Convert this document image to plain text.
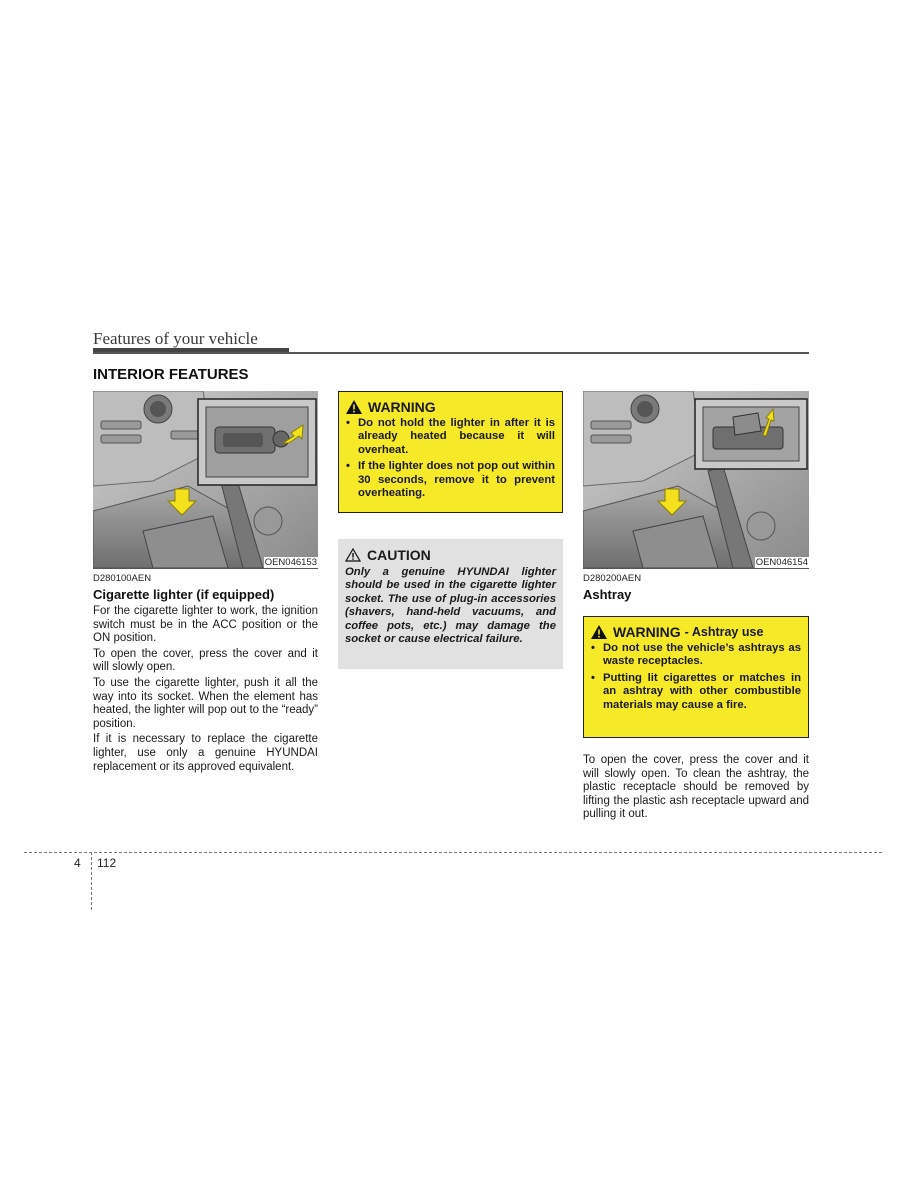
Features of your vehicle
INTERIOR FEATURES
OEN046153
D280100AEN
Cigarette lighter (if equipped)

For the cigarette lighter to work, the ignition switch must be in the ACC position or the ON position.

To open the cover, press the cover and it will slowly open.

To use the cigarette lighter, push it all the way into its socket. When the element has heated, the lighter will pop out to the “ready” position.

If it is necessary to replace the cigarette lighter, use only a genuine HYUNDAI replacement or its approved equivalent.

WARNING
• Do not hold the lighter in after it is already heated because it will overheat.
• If the lighter does not pop out within 30 seconds, remove it to prevent overheating.
CAUTION
Only a genuine HYUNDAI lighter should be used in the cigarette lighter socket. The use of plug-in accessories (shavers, hand-held vacuums, and coffee pots, etc.) may damage the socket or cause electrical failure.
OEN046154
D280200AEN
Ashtray
WARNING - Ashtray use
• Do not use the vehicle’s ashtrays as waste receptacles.
• Putting lit cigarettes or matches in an ashtray with other combustible materials may cause a fire.
To open the cover, press the cover and it will slowly open. To clean the ashtray, the plastic receptacle should be removed by lifting the plastic ash receptacle upward and pulling it out.
4 112
